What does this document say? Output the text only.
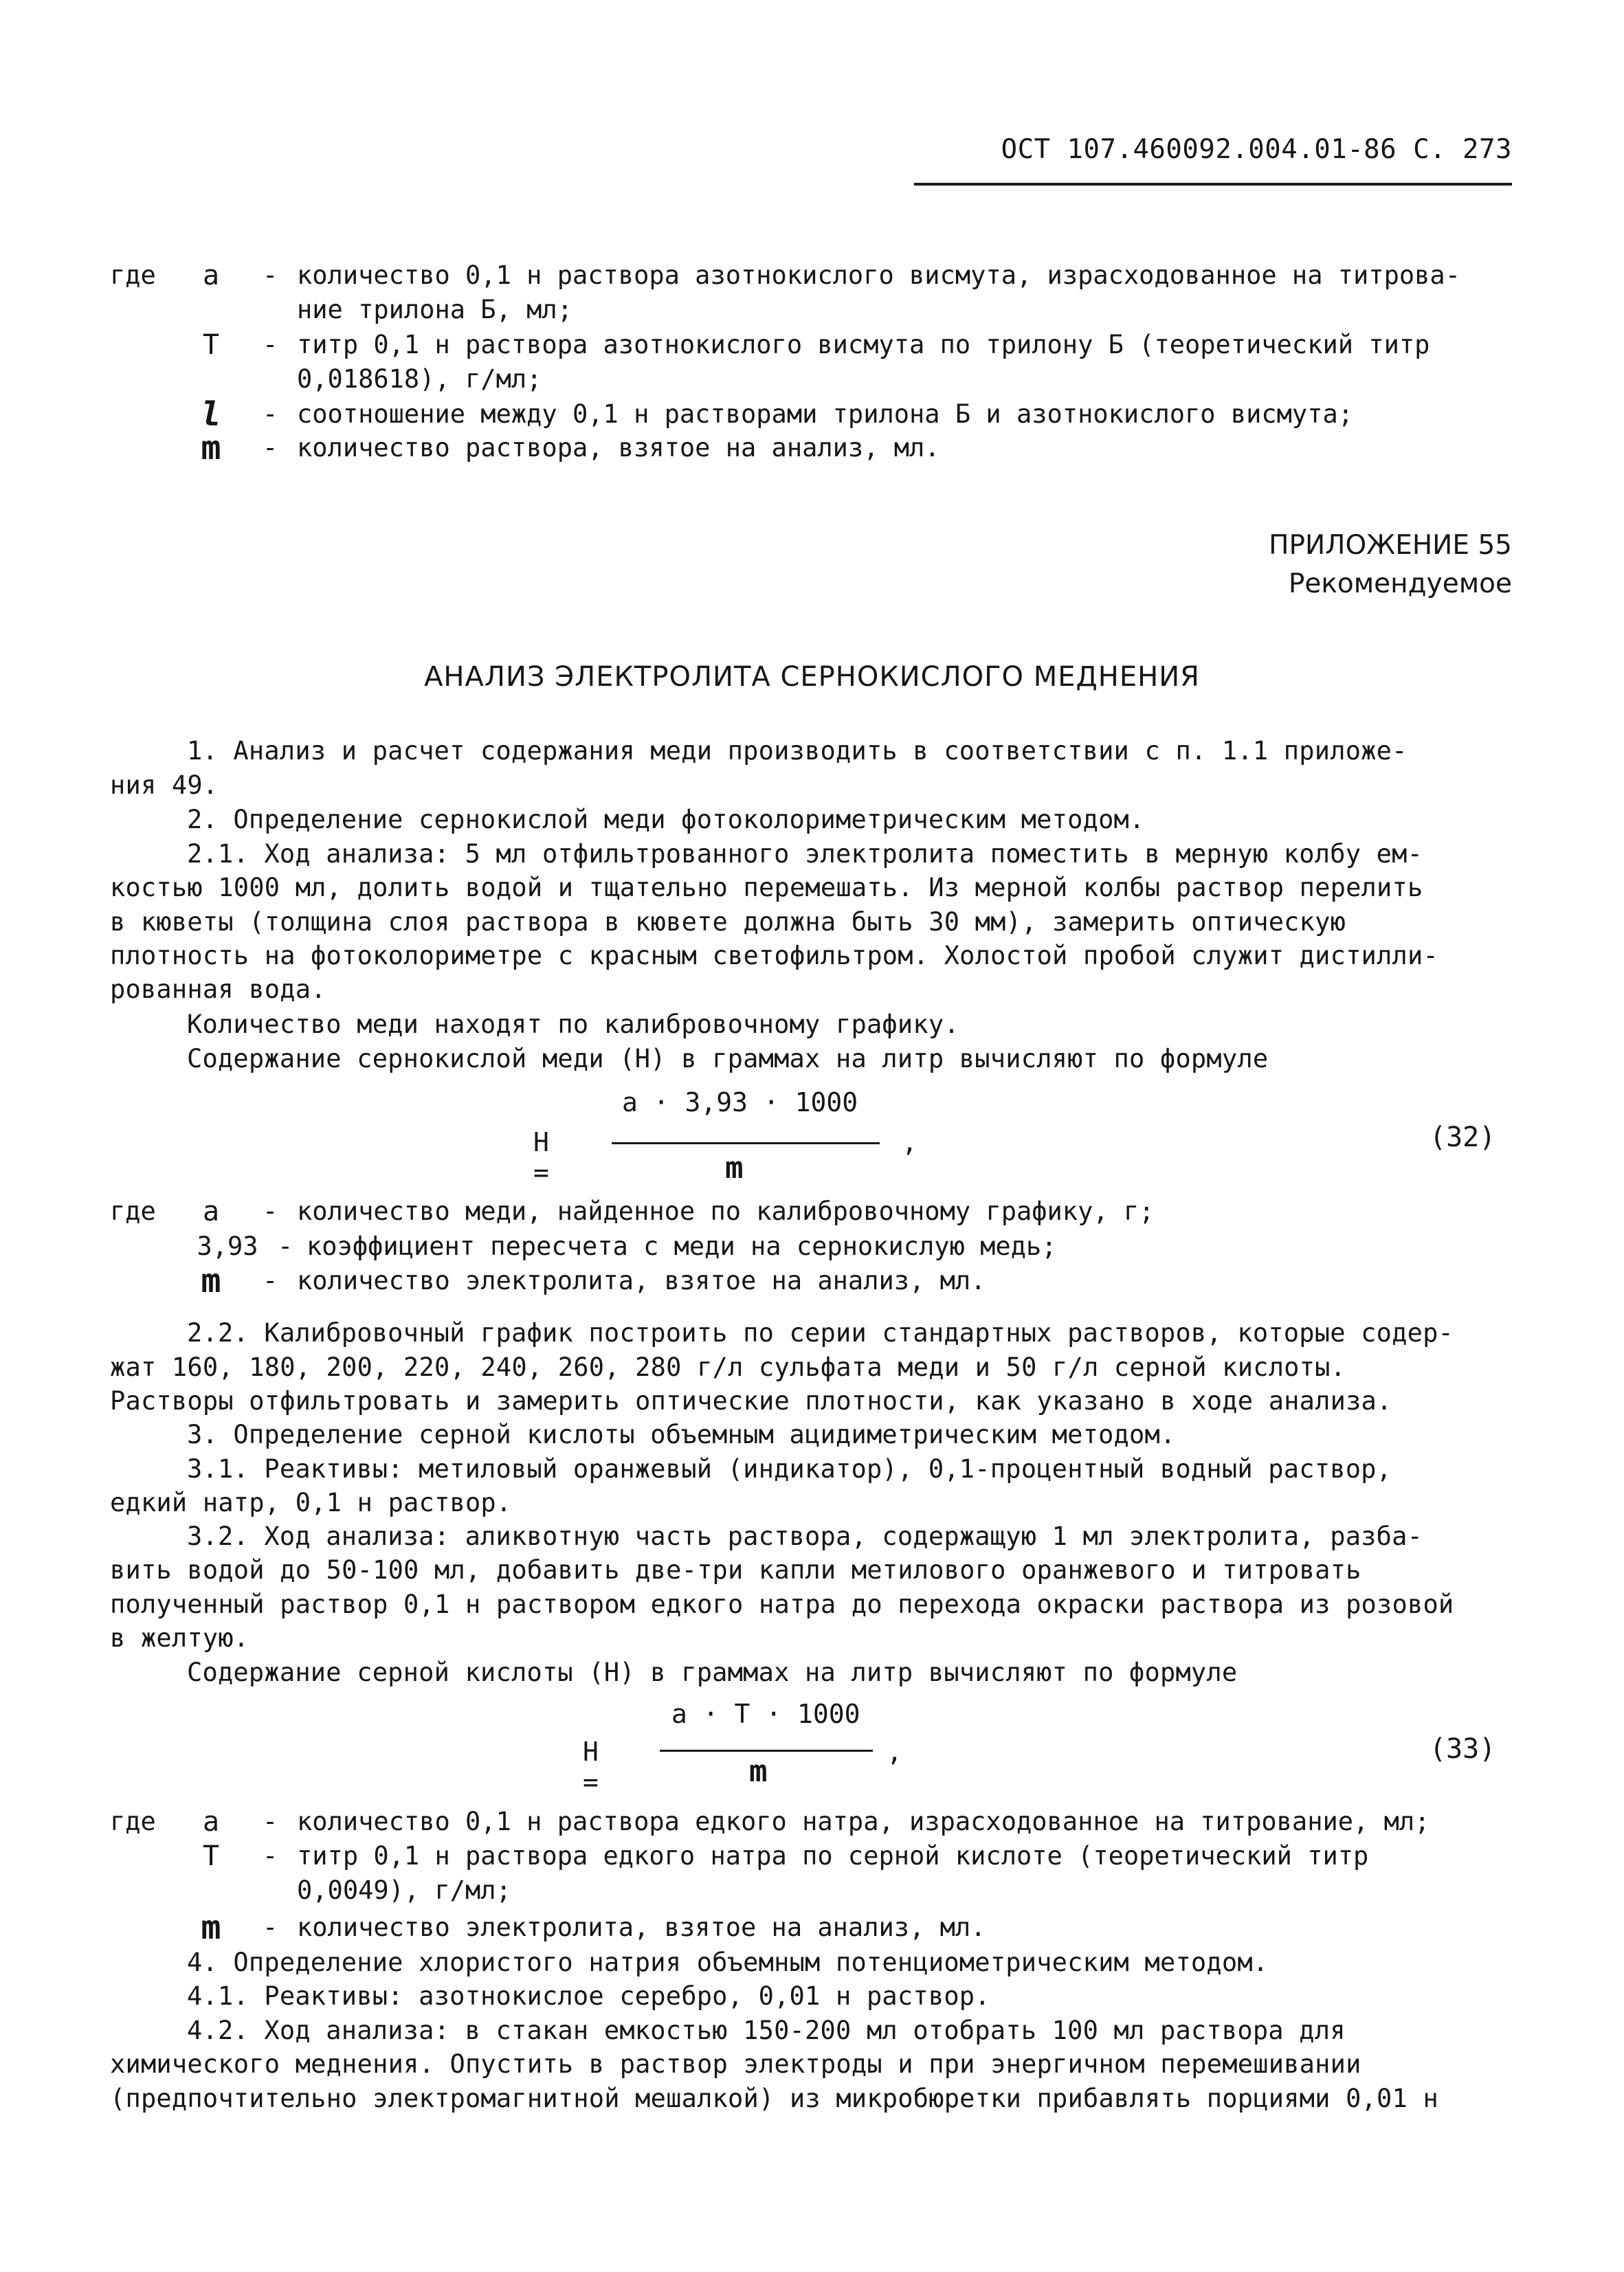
ОСТ 107.460092.004.01-86 С. 273
где	а	- количество 0,1 н раствора азотнокислого висмута, израсходованное на титрова-
ние трилона Б, мл;
Т	- титр 0,1 н раствора азотнокислого висмута по трилону Б (теоретический титр
0,018618), г/мл;
l	- соотношение между 0,1 н растворами трилона Б и азотнокислого висмута;
m	- количество раствора, взятое на анализ, мл.
ПРИЛОЖЕНИЕ 55
Рекомендуемое
АНАЛИЗ ЭЛЕКТРОЛИТА СЕРНОКИСЛОГО МЕДНЕНИЯ
1. Анализ и расчет содержания меди производить в соответствии с п. 1.1 приложе-
ния 49.
2. Определение сернокислой меди фотоколориметрическим методом.
2.1. Ход анализа: 5 мл отфильтрованного электролита поместить в мерную колбу ем-
костью 1000 мл, долить водой и тщательно перемешать. Из мерной колбы раствор перелить
в кюветы (толщина слоя раствора в кювете должна быть 30 мм), замерить оптическую
плотность на фотоколориметре с красным светофильтром. Холостой пробой служит дистилли-
рованная вода.
Количество меди находят по калибровочному графику.
Содержание сернокислой меди (Н) в граммах на литр вычисляют по формуле
Н =
а · 3,93 · 1000
m
,	(32)
где	а	- количество меди, найденное по калибровочному графику, г;
3,93 - коэффициент пересчета с меди на сернокислую медь;
m	- количество электролита, взятое на анализ, мл.
2.2. Калибровочный график построить по серии стандартных растворов, которые содер-
жат 160, 180, 200, 220, 240, 260, 280 г/л сульфата меди и 50 г/л серной кислоты.
Растворы отфильтровать и замерить оптические плотности, как указано в ходе анализа.
3. Определение серной кислоты объемным ацидиметрическим методом.
3.1. Реактивы: метиловый оранжевый (индикатор), 0,1-процентный водный раствор,
едкий натр, 0,1 н раствор.
3.2. Ход анализа: аликвотную часть раствора, содержащую 1 мл электролита, разба-
вить водой до 50-100 мл, добавить две-три капли метилового оранжевого и титровать
полученный раствор 0,1 н раствором едкого натра до перехода окраски раствора из розовой
в желтую.
Содержание серной кислоты (Н) в граммах на литр вычисляют по формуле
Н =
а · Т · 1000
m
,	(33)
где	а	- количество 0,1 н раствора едкого натра, израсходованное на титрование, мл;
Т	- титр 0,1 н раствора едкого натра по серной кислоте (теоретический титр
0,0049), г/мл;
m	- количество электролита, взятое на анализ, мл.
4. Определение хлористого натрия объемным потенциометрическим методом.
4.1. Реактивы: азотнокислое серебро, 0,01 н раствор.
4.2. Ход анализа: в стакан емкостью 150-200 мл отобрать 100 мл раствора для
химического меднения. Опустить в раствор электроды и при энергичном перемешивании
(предпочтительно электромагнитной мешалкой) из микробюретки прибавлять порциями 0,01 н
